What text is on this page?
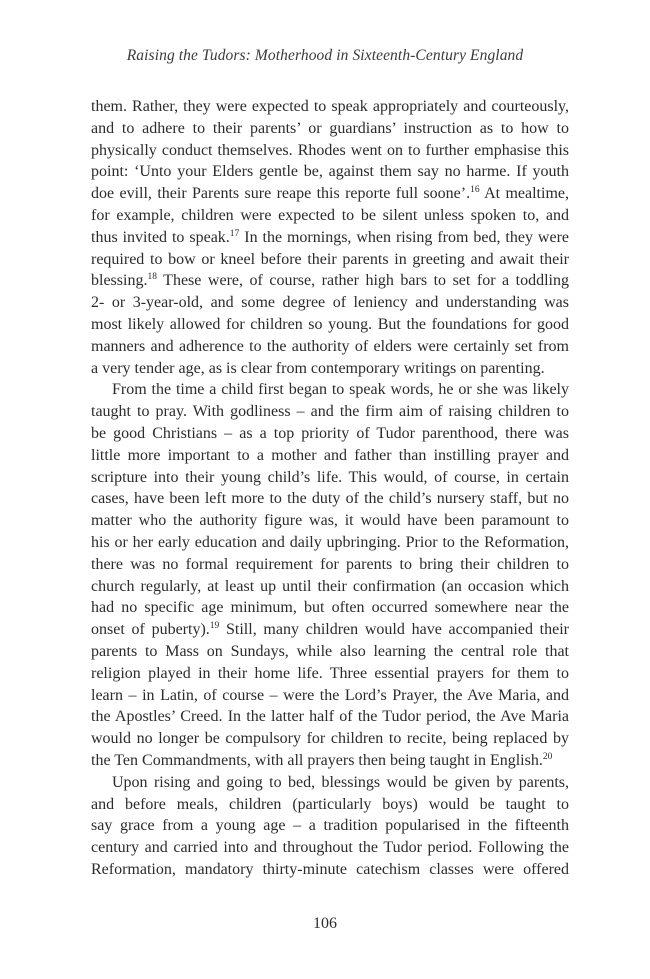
Raising the Tudors: Motherhood in Sixteenth-Century England
them. Rather, they were expected to speak appropriately and courteously,
and to adhere to their parents’ or guardians’ instruction as to how to
physically conduct themselves. Rhodes went on to further emphasise this
point: ‘Unto your Elders gentle be, against them say no harme. If youth
doe evill, their Parents sure reape this reporte full soone’.$^{16}$ At mealtime,
for example, children were expected to be silent unless spoken to, and
thus invited to speak.$^{17}$ In the mornings, when rising from bed, they were
required to bow or kneel before their parents in greeting and await their
blessing.$^{18}$ These were, of course, rather high bars to set for a toddling
2- or 3-year-old, and some degree of leniency and understanding was
most likely allowed for children so young. But the foundations for good
manners and adherence to the authority of elders were certainly set from
a very tender age, as is clear from contemporary writings on parenting.
From the time a child first began to speak words, he or she was likely
taught to pray. With godliness – and the firm aim of raising children to
be good Christians – as a top priority of Tudor parenthood, there was
little more important to a mother and father than instilling prayer and
scripture into their young child’s life. This would, of course, in certain
cases, have been left more to the duty of the child’s nursery staff, but no
matter who the authority figure was, it would have been paramount to
his or her early education and daily upbringing. Prior to the Reformation,
there was no formal requirement for parents to bring their children to
church regularly, at least up until their confirmation (an occasion which
had no specific age minimum, but often occurred somewhere near the
onset of puberty).$^{19}$ Still, many children would have accompanied their
parents to Mass on Sundays, while also learning the central role that
religion played in their home life. Three essential prayers for them to
learn – in Latin, of course – were the Lord’s Prayer, the Ave Maria, and
the Apostles’ Creed. In the latter half of the Tudor period, the Ave Maria
would no longer be compulsory for children to recite, being replaced by
the Ten Commandments, with all prayers then being taught in English.$^{20}$
Upon rising and going to bed, blessings would be given by parents,
and before meals, children (particularly boys) would be taught to
say grace from a young age – a tradition popularised in the fifteenth
century and carried into and throughout the Tudor period. Following the
Reformation, mandatory thirty-minute catechism classes were offered
106
